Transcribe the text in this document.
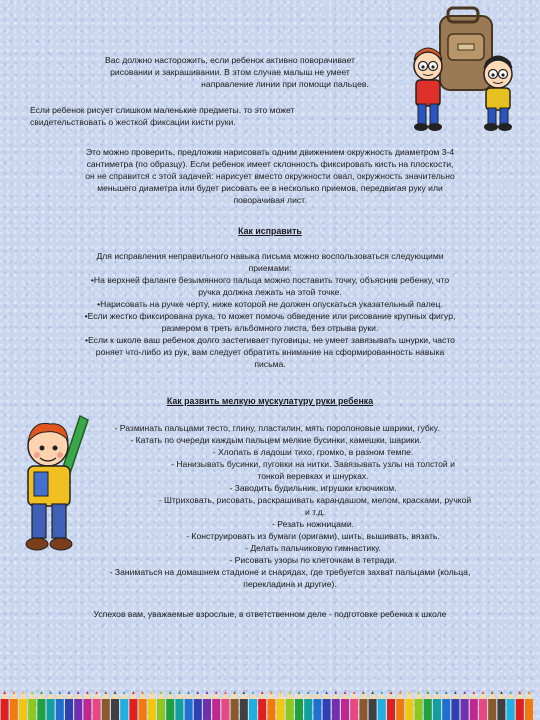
Вас должно насторожить, если ребенок активно поворачивает
рисовании и закрашивании. В этом случае малыш не умеет
направление линии при помощи пальцев.

Если ребенок рисует слишком маленькие предметы, то это может
свидетельствовать о жесткой фиксации кисти руки.

Это можно проверить, предложив нарисовать одним движением окружность диаметром 3-4
сантиметра (по образцу). Если ребенок имеет склонность фиксировать кисть на плоскости,
он не справится с этой задачей: нарисует вместо окружности овал, окружность значительно
меньшего диаметра или будет рисовать ее в несколько приемов, передвигая руку или
поворачивая лист.

Как исправить

Для исправления неправильного навыка письма можно воспользоваться следующими
приемами:

•На верхней фаланге безымянного пальца можно поставить точку, объяснив ребенку, что
ручка должна лежать на этой точке.
•Нарисовать на ручке черту, ниже которой не должен опускаться указательный палец.
•Если жестко фиксирована рука, то может помочь обведение или рисование крупных фигур,
размером в треть альбомного листа, без отрыва руки.
•Если к школе ваш ребенок долго застегивает пуговицы, не умеет завязывать шнурки, часто
роняет что-либо из рук, вам следует обратить внимание на сформированность навыка
письма.

Как развить мелкую мускулатуру руки ребенка

- Разминать пальцами тесто, глину, пластилин, мять поролоновые шарики, губку.
- Катать по очереди каждым пальцем мелкие бусинки, камешки, шарики.
- Хлопать в ладоши тихо, громко, в разном темпе.
- Нанизывать бусинки, пуговки на нитки. Завязывать узлы на толстой и
тонкой веревках и шнурках.
- Заводить будильник, игрушки ключиком.
- Штриховать, рисовать, раскрашивать карандашом, мелом, красками, ручкой
и т.д.
- Резать ножницами.
- Конструировать из бумаги (оригами), шить, вышивать, вязать.
- Делать пальчиковую гимнастику.
- Рисовать узоры по клеточкам в тетради.
- Заниматься на домашнем стадионе и снарядах, где требуется захват пальцами (кольца,
перекладина и другие).

Успехов вам, уважаемые взрослые, в ответственном деле - подготовке ребенка к школе
